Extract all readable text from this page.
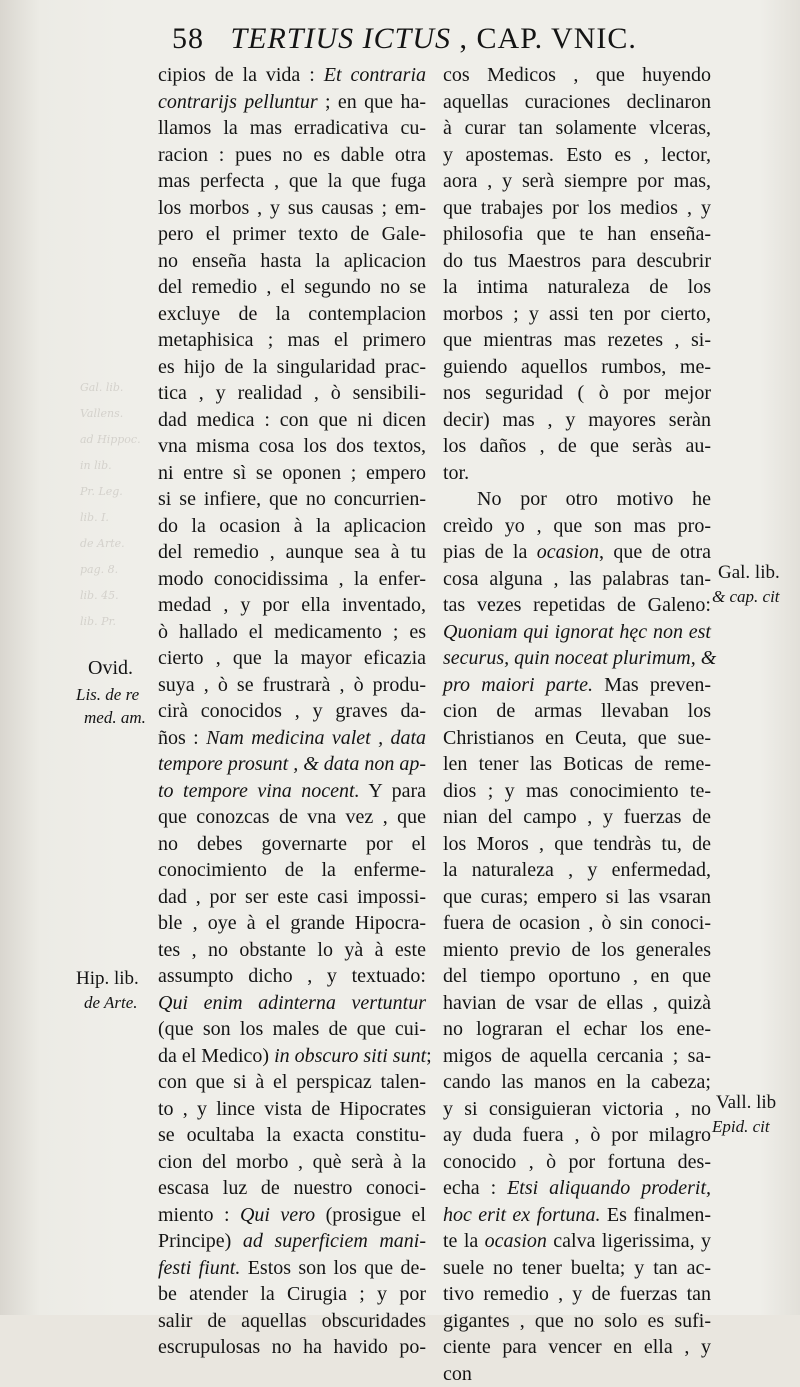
Gal. lib.
Vallens.
ad Hippoc.
in lib.
Pr. Leg.
lib. I.
de Arte.
pag. 8.
lib. 45.
lib. Pr.
58 TERTIUS ICTUS , CAP. VNIC.
cipios de la vida : Et contraria
contrarijs pelluntur ; en que ha-
llamos la mas erradicativa cu-
racion : pues no es dable otra
mas perfecta , que la que fuga
los morbos , y sus causas ; em-
pero el primer texto de Gale-
no enseña hasta la aplicacion
del remedio , el segundo no se
excluye de la contemplacion
metaphisica ; mas el primero
es hijo de la singularidad prac-
tica , y realidad , ò sensibili-
dad medica : con que ni dicen
vna misma cosa los dos textos,
ni entre sì se oponen ; empero
si se infiere, que no concurrien-
do la ocasion à la aplicacion
del remedio , aunque sea à tu
modo conocidissima , la enfer-
medad , y por ella inventado,
ò hallado el medicamento ; es
cierto , que la mayor eficazia
suya , ò se frustrarà , ò produ-
cirà conocidos , y graves da-
ños : Nam medicina valet , data
tempore prosunt , & data non ap-
to tempore vina nocent. Y para
que conozcas de vna vez , que
no debes governarte por el
conocimiento de la enferme-
dad , por ser este casi impossi-
ble , oye à el grande Hipocra-
tes , no obstante lo yà à este
assumpto dicho , y textuado:
Qui enim adinterna vertuntur
(que son los males de que cui-
da el Medico) in obscuro siti sunt;
con que si à el perspicaz talen-
to , y lince vista de Hipocrates
se ocultaba la exacta constitu-
cion del morbo , què serà à la
escasa luz de nuestro conoci-
miento : Qui vero (prosigue el
Principe) ad superficiem mani-
festi fiunt. Estos son los que de-
be atender la Cirugia ; y por
salir de aquellas obscuridades
escrupulosas no ha havido po-
cos Medicos , que huyendo
aquellas curaciones declinaron
à curar tan solamente vlceras,
y apostemas. Esto es , lector,
aora , y serà siempre por mas,
que trabajes por los medios , y
philosofia que te han enseña-
do tus Maestros para descubrir
la intima naturaleza de los
morbos ; y assi ten por cierto,
que mientras mas rezetes , si-
guiendo aquellos rumbos, me-
nos seguridad ( ò por mejor
decir) mas , y mayores seràn
los daños , de que seràs au-
tor.
No por otro motivo he
creìdo yo , que son mas pro-
pias de la ocasion, que de otra
cosa alguna , las palabras tan-
tas vezes repetidas de Galeno:
Quoniam qui ignorat hęc non est
securus, quin noceat plurimum, &
pro maiori parte. Mas preven-
cion de armas llevaban los
Christianos en Ceuta, que sue-
len tener las Boticas de reme-
dios ; y mas conocimiento te-
nian del campo , y fuerzas de
los Moros , que tendràs tu, de
la naturaleza , y enfermedad,
que curas; empero si las vsaran
fuera de ocasion , ò sin conoci-
miento previo de los generales
del tiempo oportuno , en que
havian de vsar de ellas , quizà
no lograran el echar los ene-
migos de aquella cercania ; sa-
cando las manos en la cabeza;
y si consiguieran victoria , no
ay duda fuera , ò por milagro
conocido , ò por fortuna des-
echa : Etsi aliquando proderit,
hoc erit ex fortuna. Es finalmen-
te la ocasion calva ligerissima, y
suele no tener buelta; y tan ac-
tivo remedio , y de fuerzas tan
gigantes , que no solo es sufi-
ciente para vencer en ella , y
con
Ovid.
Lis. de re
med. am.
Hip. lib.
de Arte.
Gal. lib.
& cap. cit
Vall. lib
Epid. cit
